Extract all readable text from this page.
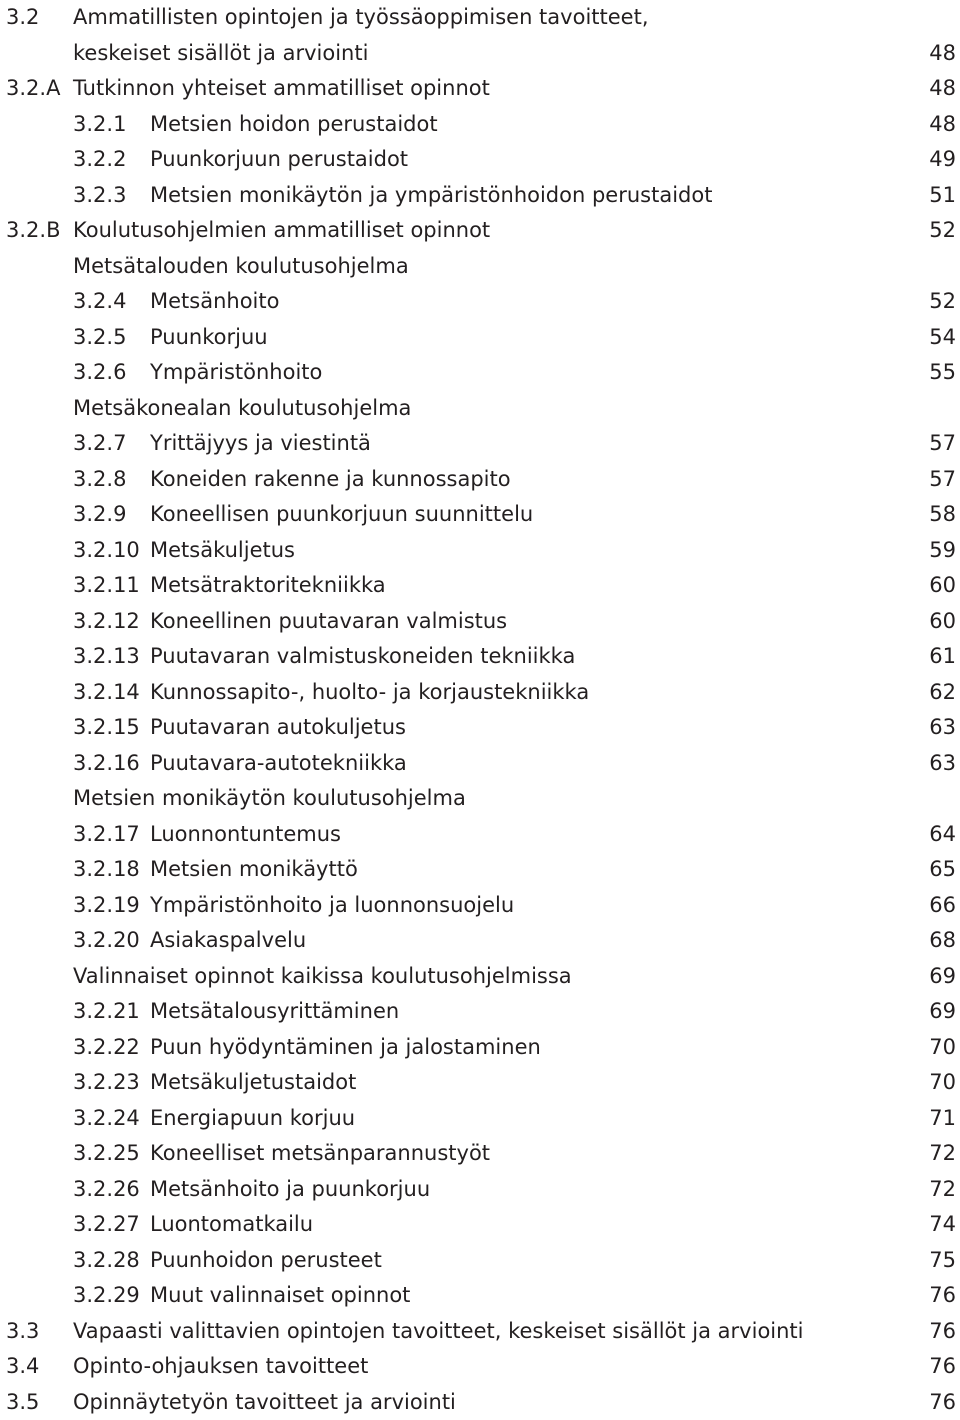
3.2 Ammatillisten opintojen ja työssäoppimisen tavoitteet,
keskeiset sisällöt ja arviointi	48
3.2.A Tutkinnon yhteiset ammatilliset opinnot	48
3.2.1 Metsien hoidon perustaidot	48
3.2.2 Puunkorjuun perustaidot	49
3.2.3 Metsien monikäytön ja ympäristönhoidon perustaidot	51
3.2.B Koulutusohjelmien ammatilliset opinnot	52
Metsätalouden koulutusohjelma
3.2.4 Metsänhoito	52
3.2.5 Puunkorjuu	54
3.2.6 Ympäristönhoito	55
Metsäkonealan koulutusohjelma
3.2.7 Yrittäjyys ja viestintä	57
3.2.8 Koneiden rakenne ja kunnossapito	57
3.2.9 Koneellisen puunkorjuun suunnittelu	58
3.2.10 Metsäkuljetus	59
3.2.11 Metsätraktoritekniikka	60
3.2.12 Koneellinen puutavaran valmistus	60
3.2.13 Puutavaran valmistuskoneiden tekniikka	61
3.2.14 Kunnossapito-, huolto- ja korjaustekniikka	62
3.2.15 Puutavaran autokuljetus	63
3.2.16 Puutavara-autotekniikka	63
Metsien monikäytön koulutusohjelma
3.2.17 Luonnontuntemus	64
3.2.18 Metsien monikäyttö	65
3.2.19 Ympäristönhoito ja luonnonsuojelu	66
3.2.20 Asiakaspalvelu	68
Valinnaiset opinnot kaikissa koulutusohjelmissa	69
3.2.21 Metsätalousyrittäminen	69
3.2.22 Puun hyödyntäminen ja jalostaminen	70
3.2.23 Metsäkuljetustaidot	70
3.2.24 Energiapuun korjuu	71
3.2.25 Koneelliset metsänparannustyöt	72
3.2.26 Metsänhoito ja puunkorjuu	72
3.2.27 Luontomatkailu	74
3.2.28 Puunhoidon perusteet	75
3.2.29 Muut valinnaiset opinnot	76
3.3 Vapaasti valittavien opintojen tavoitteet, keskeiset sisällöt ja arviointi	76
3.4 Opinto-ohjauksen tavoitteet	76
3.5 Opinnäytetyön tavoitteet ja arviointi	76
